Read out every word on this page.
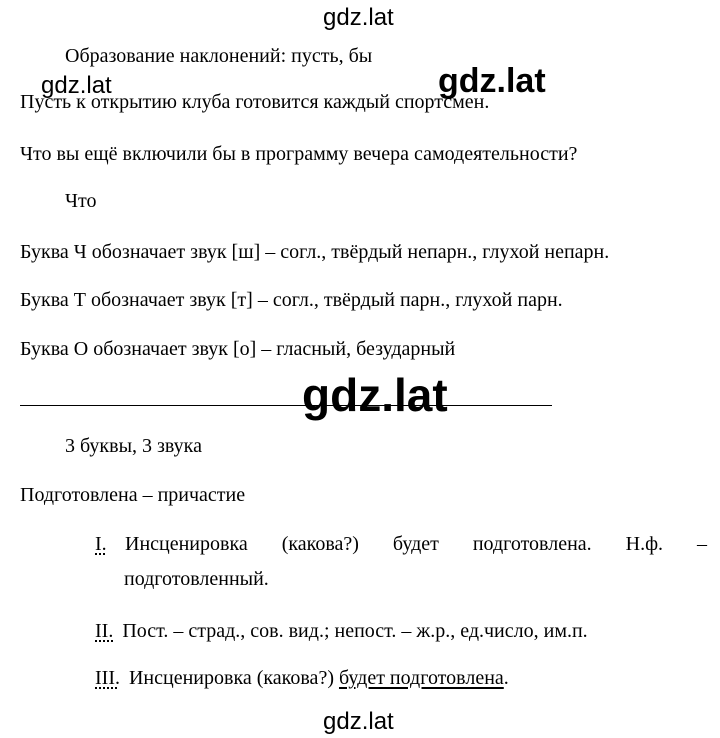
gdz.lat
gdz.lat	gdz.lat
gdz.lat
gdz.lat
Образование наклонений: пусть, бы
Пусть к открытию клуба готовится каждый спортсмен.
Что вы ещё включили бы в программу вечера самодеятельности?
Что
Буква Ч обозначает звук [ш] – согл., твёрдый непарн., глухой непарн.
Буква Т обозначает звук [т] – согл., твёрдый парн., глухой парн.
Буква О обозначает звук [о] – гласный, безударный
3 буквы, 3 звука
Подготовлена – причастие
I. Инсценировка (какова?) будет подготовлена. Н.ф. –
подготовленный.
II. Пост. – страд., сов. вид.; непост. – ж.р., ед.число, им.п.
III. Инсценировка (какова?) будет подготовлена.
